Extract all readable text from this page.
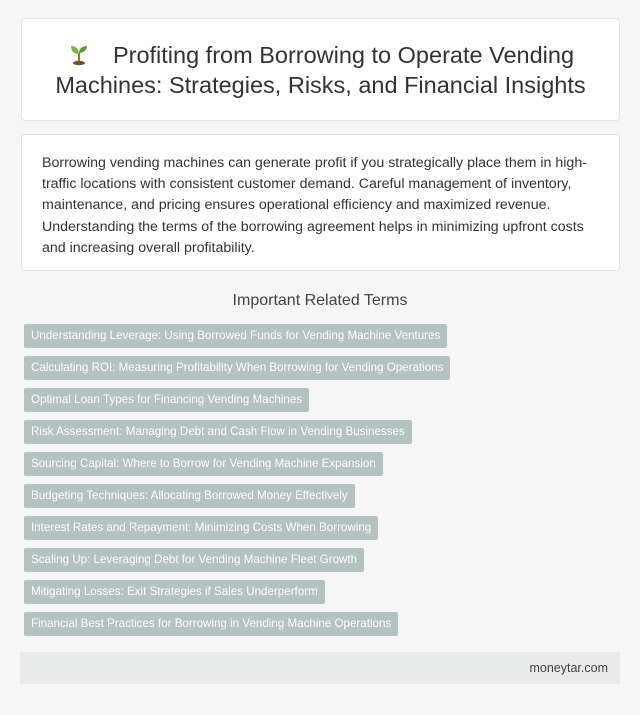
Profiting from Borrowing to Operate Vending Machines: Strategies, Risks, and Financial Insights

Borrowing vending machines can generate profit if you strategically place them in high-traffic locations with consistent customer demand. Careful management of inventory, maintenance, and pricing ensures operational efficiency and maximized revenue. Understanding the terms of the borrowing agreement helps in minimizing upfront costs and increasing overall profitability.

Important Related Terms
Understanding Leverage: Using Borrowed Funds for Vending Machine Ventures
Calculating ROI: Measuring Profitability When Borrowing for Vending Operations
Optimal Loan Types for Financing Vending Machines
Risk Assessment: Managing Debt and Cash Flow in Vending Businesses
Sourcing Capital: Where to Borrow for Vending Machine Expansion
Budgeting Techniques: Allocating Borrowed Money Effectively
Interest Rates and Repayment: Minimizing Costs When Borrowing
Scaling Up: Leveraging Debt for Vending Machine Fleet Growth
Mitigating Losses: Exit Strategies if Sales Underperform
Financial Best Practices for Borrowing in Vending Machine Operations
moneytar.com
